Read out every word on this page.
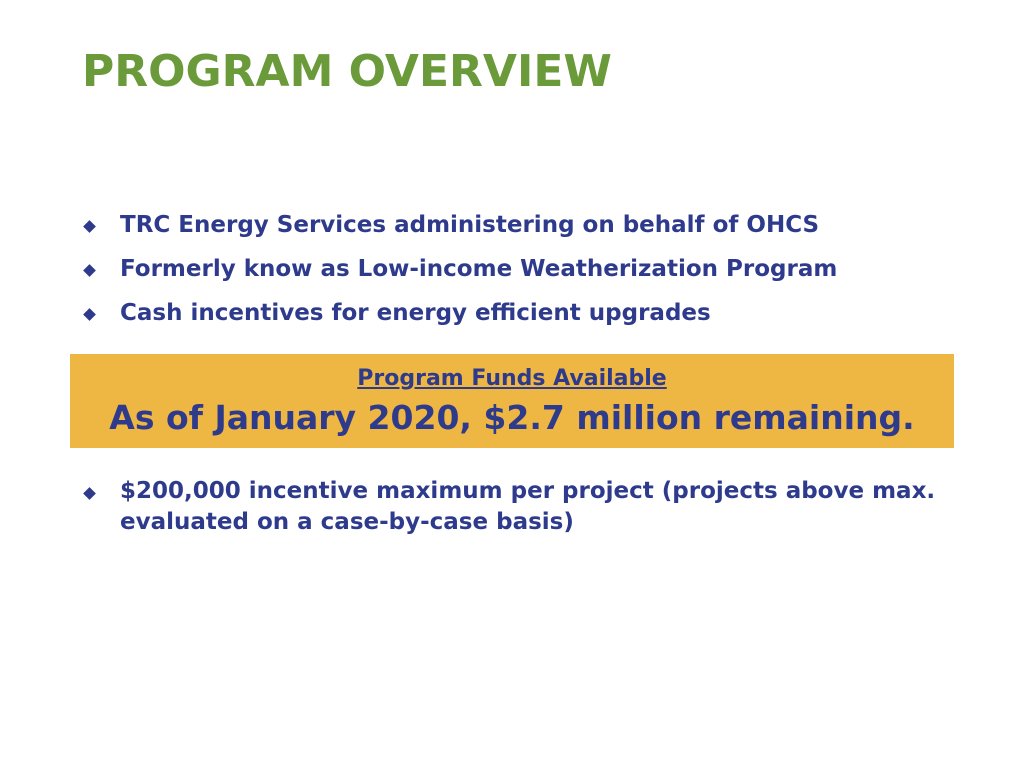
PROGRAM OVERVIEW
TRC Energy Services administering on behalf of OHCS
Formerly know as Low-income Weatherization Program
Cash incentives for energy efficient upgrades
Program Funds Available
As of January 2020, $2.7 million remaining.
$200,000 incentive maximum per project (projects above max. evaluated on a case-by-case basis)
